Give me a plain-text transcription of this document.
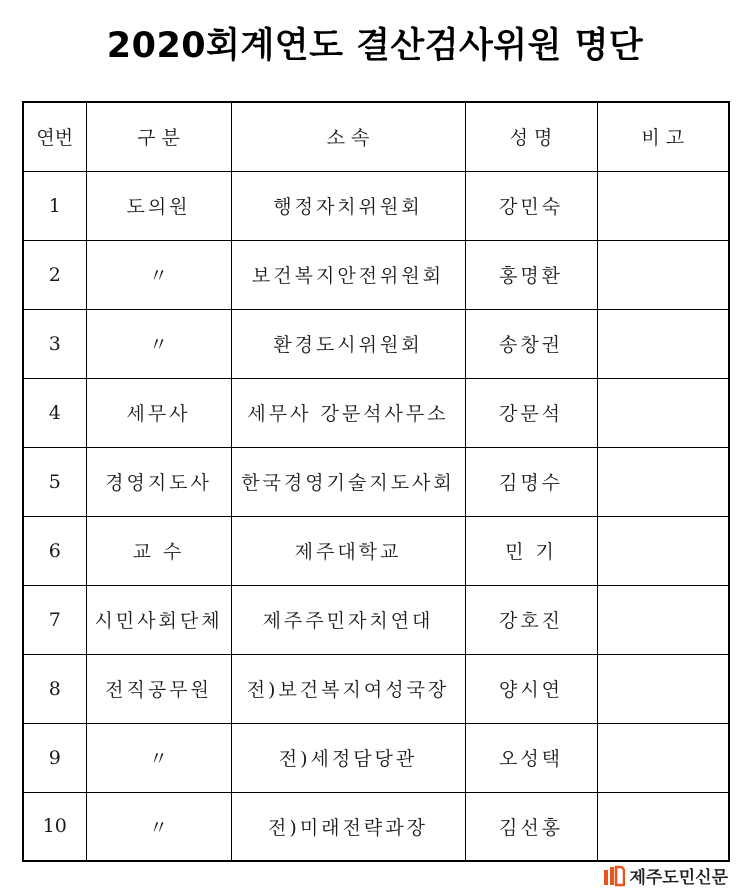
2020회계연도 결산검사위원 명단
연번	구 분	소 속	성 명	비 고
1	도의원	행정자치위원회	강민숙	
2	〃	보건복지안전위원회	홍명환	
3	〃	환경도시위원회	송창권	
4	세무사	세무사 강문석사무소	강문석	
5	경영지도사	한국경영기술지도사회	김명수	
6	교 수	제주대학교	민 기	
7	시민사회단체	제주주민자치연대	강호진	
8	전직공무원	전)보건복지여성국장	양시연	
9	〃	전)세정담당관	오성택	
10	〃	전)미래전략과장	김선홍	
제주도민신문
